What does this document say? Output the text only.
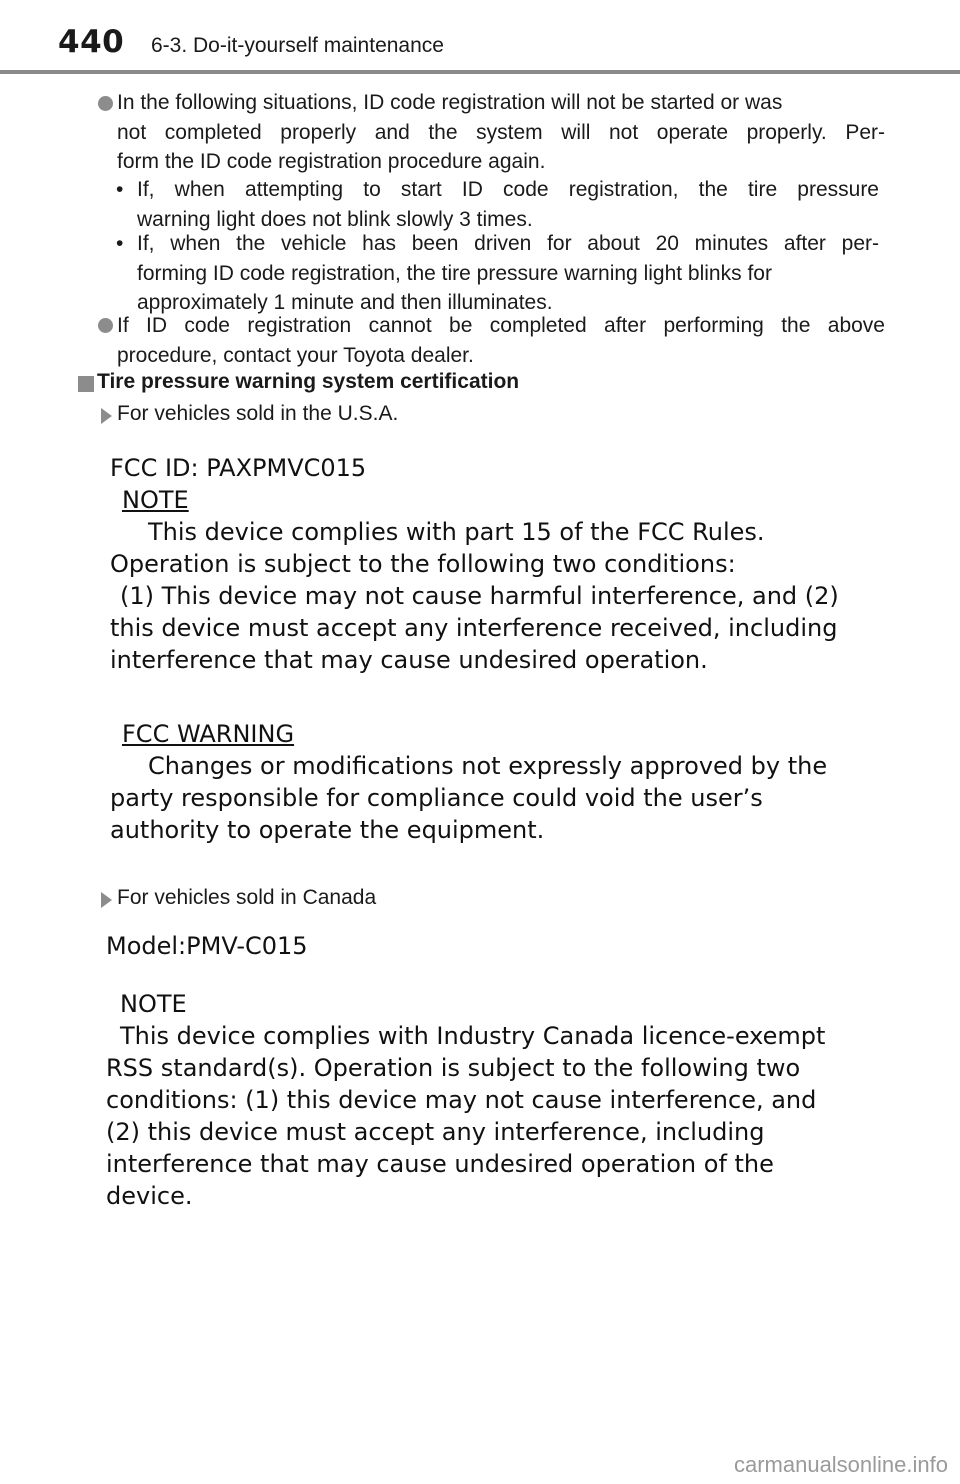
440 6-3. Do-it-yourself maintenance
In the following situations, ID code registration will not be started or was
not completed properly and the system will not operate properly. Per-
form the ID code registration procedure again.
• If, when attempting to start ID code registration, the tire pressure
warning light does not blink slowly 3 times.
• If, when the vehicle has been driven for about 20 minutes after per-
forming ID code registration, the tire pressure warning light blinks for
approximately 1 minute and then illuminates.
If ID code registration cannot be completed after performing the above
procedure, contact your Toyota dealer.
Tire pressure warning system certification
For vehicles sold in the U.S.A.
FCC ID: PAXPMVC015
NOTE
This device complies with part 15 of the FCC Rules.
Operation is subject to the following two conditions:
(1) This device may not cause harmful interference, and (2)
this device must accept any interference received, including
interference that may cause undesired operation.
FCC WARNING
Changes or modifications not expressly approved by the
party responsible for compliance could void the user’s
authority to operate the equipment.
For vehicles sold in Canada
Model:PMV-C015
NOTE
This device complies with Industry Canada licence-exempt
RSS standard(s). Operation is subject to the following two
conditions: (1) this device may not cause interference, and
(2) this device must accept any interference, including
interference that may cause undesired operation of the
device.
carmanualsonline.info
